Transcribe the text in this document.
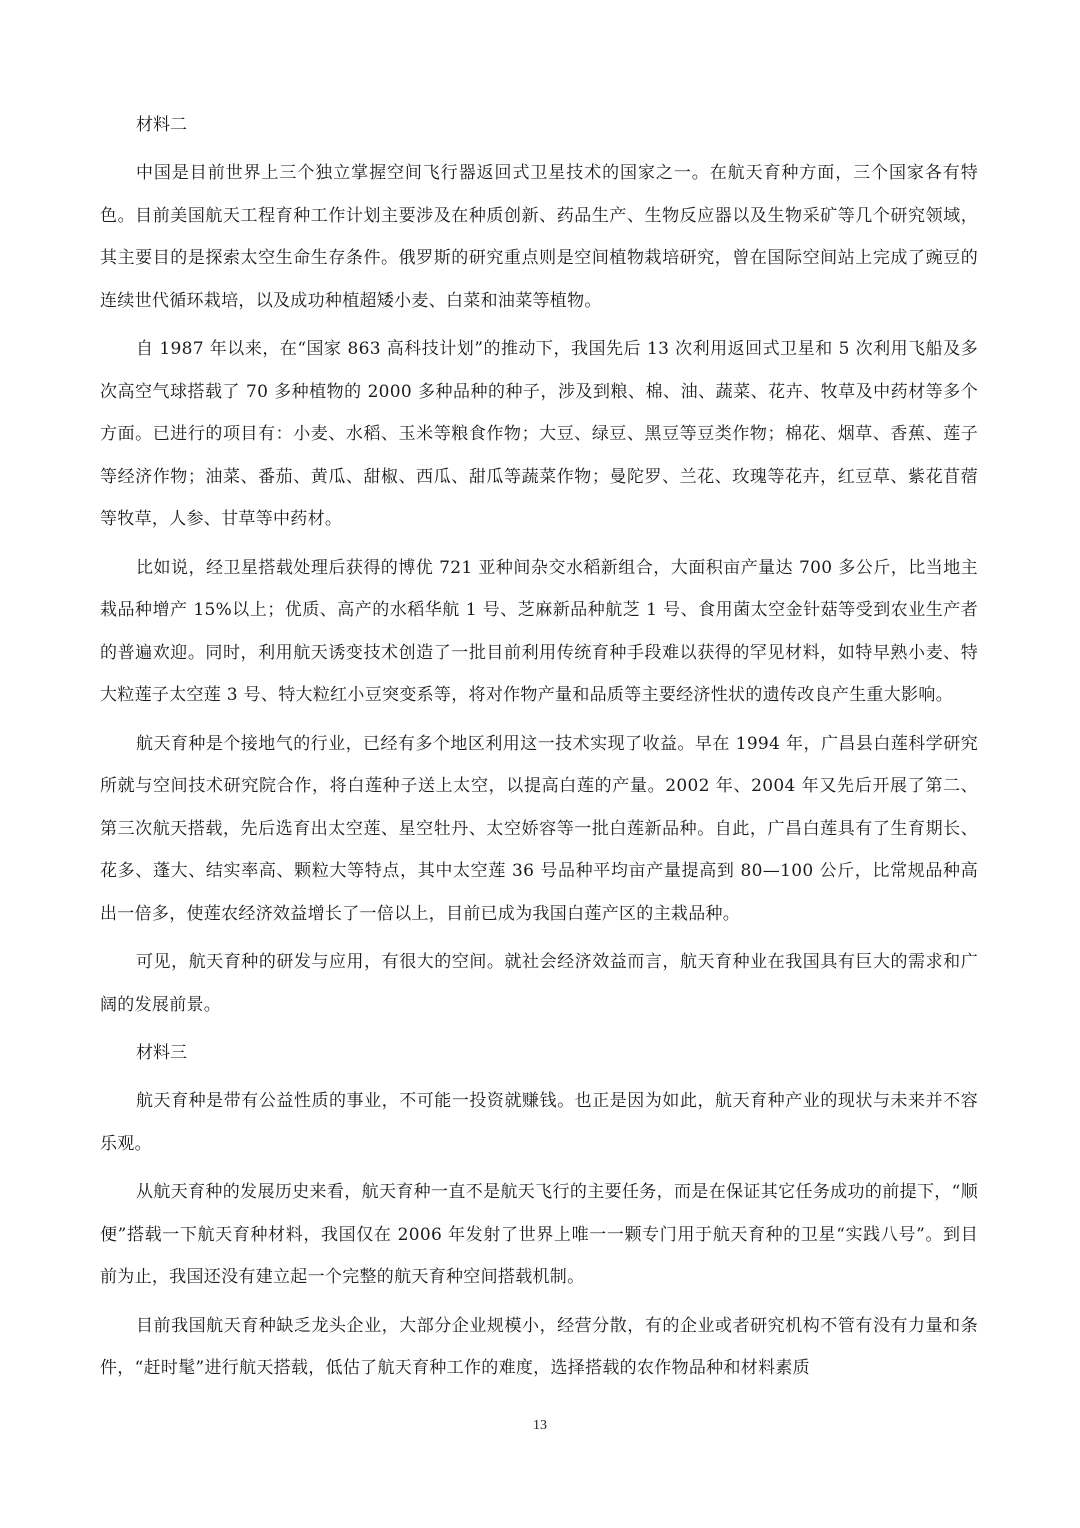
材料二

中国是目前世界上三个独立掌握空间飞行器返回式卫星技术的国家之一。在航天育种方面，三个国家各有特色。目前美国航天工程育种工作计划主要涉及在种质创新、药品生产、生物反应器以及生物采矿等几个研究领域，其主要目的是探索太空生命生存条件。俄罗斯的研究重点则是空间植物栽培研究，曾在国际空间站上完成了豌豆的连续世代循环栽培，以及成功种植超矮小麦、白菜和油菜等植物。

自 1987 年以来，在“国家 863 高科技计划”的推动下，我国先后 13 次利用返回式卫星和 5 次利用飞船及多次高空气球搭载了 70 多种植物的 2000 多种品种的种子，涉及到粮、棉、油、蔬菜、花卉、牧草及中药材等多个方面。已进行的项目有：小麦、水稻、玉米等粮食作物；大豆、绿豆、黑豆等豆类作物；棉花、烟草、香蕉、莲子等经济作物；油菜、番茄、黄瓜、甜椒、西瓜、甜瓜等蔬菜作物；曼陀罗、兰花、玫瑰等花卉，红豆草、紫花苜蓿等牧草，人参、甘草等中药材。

比如说，经卫星搭载处理后获得的博优 721 亚种间杂交水稻新组合，大面积亩产量达 700 多公斤，比当地主栽品种增产 15%以上；优质、高产的水稻华航 1 号、芝麻新品种航芝 1 号、食用菌太空金针菇等受到农业生产者的普遍欢迎。同时，利用航天诱变技术创造了一批目前利用传统育种手段难以获得的罕见材料，如特早熟小麦、特大粒莲子太空莲 3 号、特大粒红小豆突变系等，将对作物产量和品质等主要经济性状的遗传改良产生重大影响。

航天育种是个接地气的行业，已经有多个地区利用这一技术实现了收益。早在 1994 年，广昌县白莲科学研究所就与空间技术研究院合作，将白莲种子送上太空，以提高白莲的产量。2002 年、2004 年又先后开展了第二、第三次航天搭载，先后选育出太空莲、星空牡丹、太空娇容等一批白莲新品种。自此，广昌白莲具有了生育期长、花多、蓬大、结实率高、颗粒大等特点，其中太空莲 36 号品种平均亩产量提高到 80—100 公斤，比常规品种高出一倍多，使莲农经济效益增长了一倍以上，目前已成为我国白莲产区的主栽品种。

可见，航天育种的研发与应用，有很大的空间。就社会经济效益而言，航天育种业在我国具有巨大的需求和广阔的发展前景。

材料三

航天育种是带有公益性质的事业，不可能一投资就赚钱。也正是因为如此，航天育种产业的现状与未来并不容乐观。

从航天育种的发展历史来看，航天育种一直不是航天飞行的主要任务，而是在保证其它任务成功的前提下，“顺便”搭载一下航天育种材料，我国仅在 2006 年发射了世界上唯一一颗专门用于航天育种的卫星“实践八号”。到目前为止，我国还没有建立起一个完整的航天育种空间搭载机制。

目前我国航天育种缺乏龙头企业，大部分企业规模小，经营分散，有的企业或者研究机构不管有没有力量和条件，“赶时髦”进行航天搭载，低估了航天育种工作的难度，选择搭载的农作物品种和材料素质

13
